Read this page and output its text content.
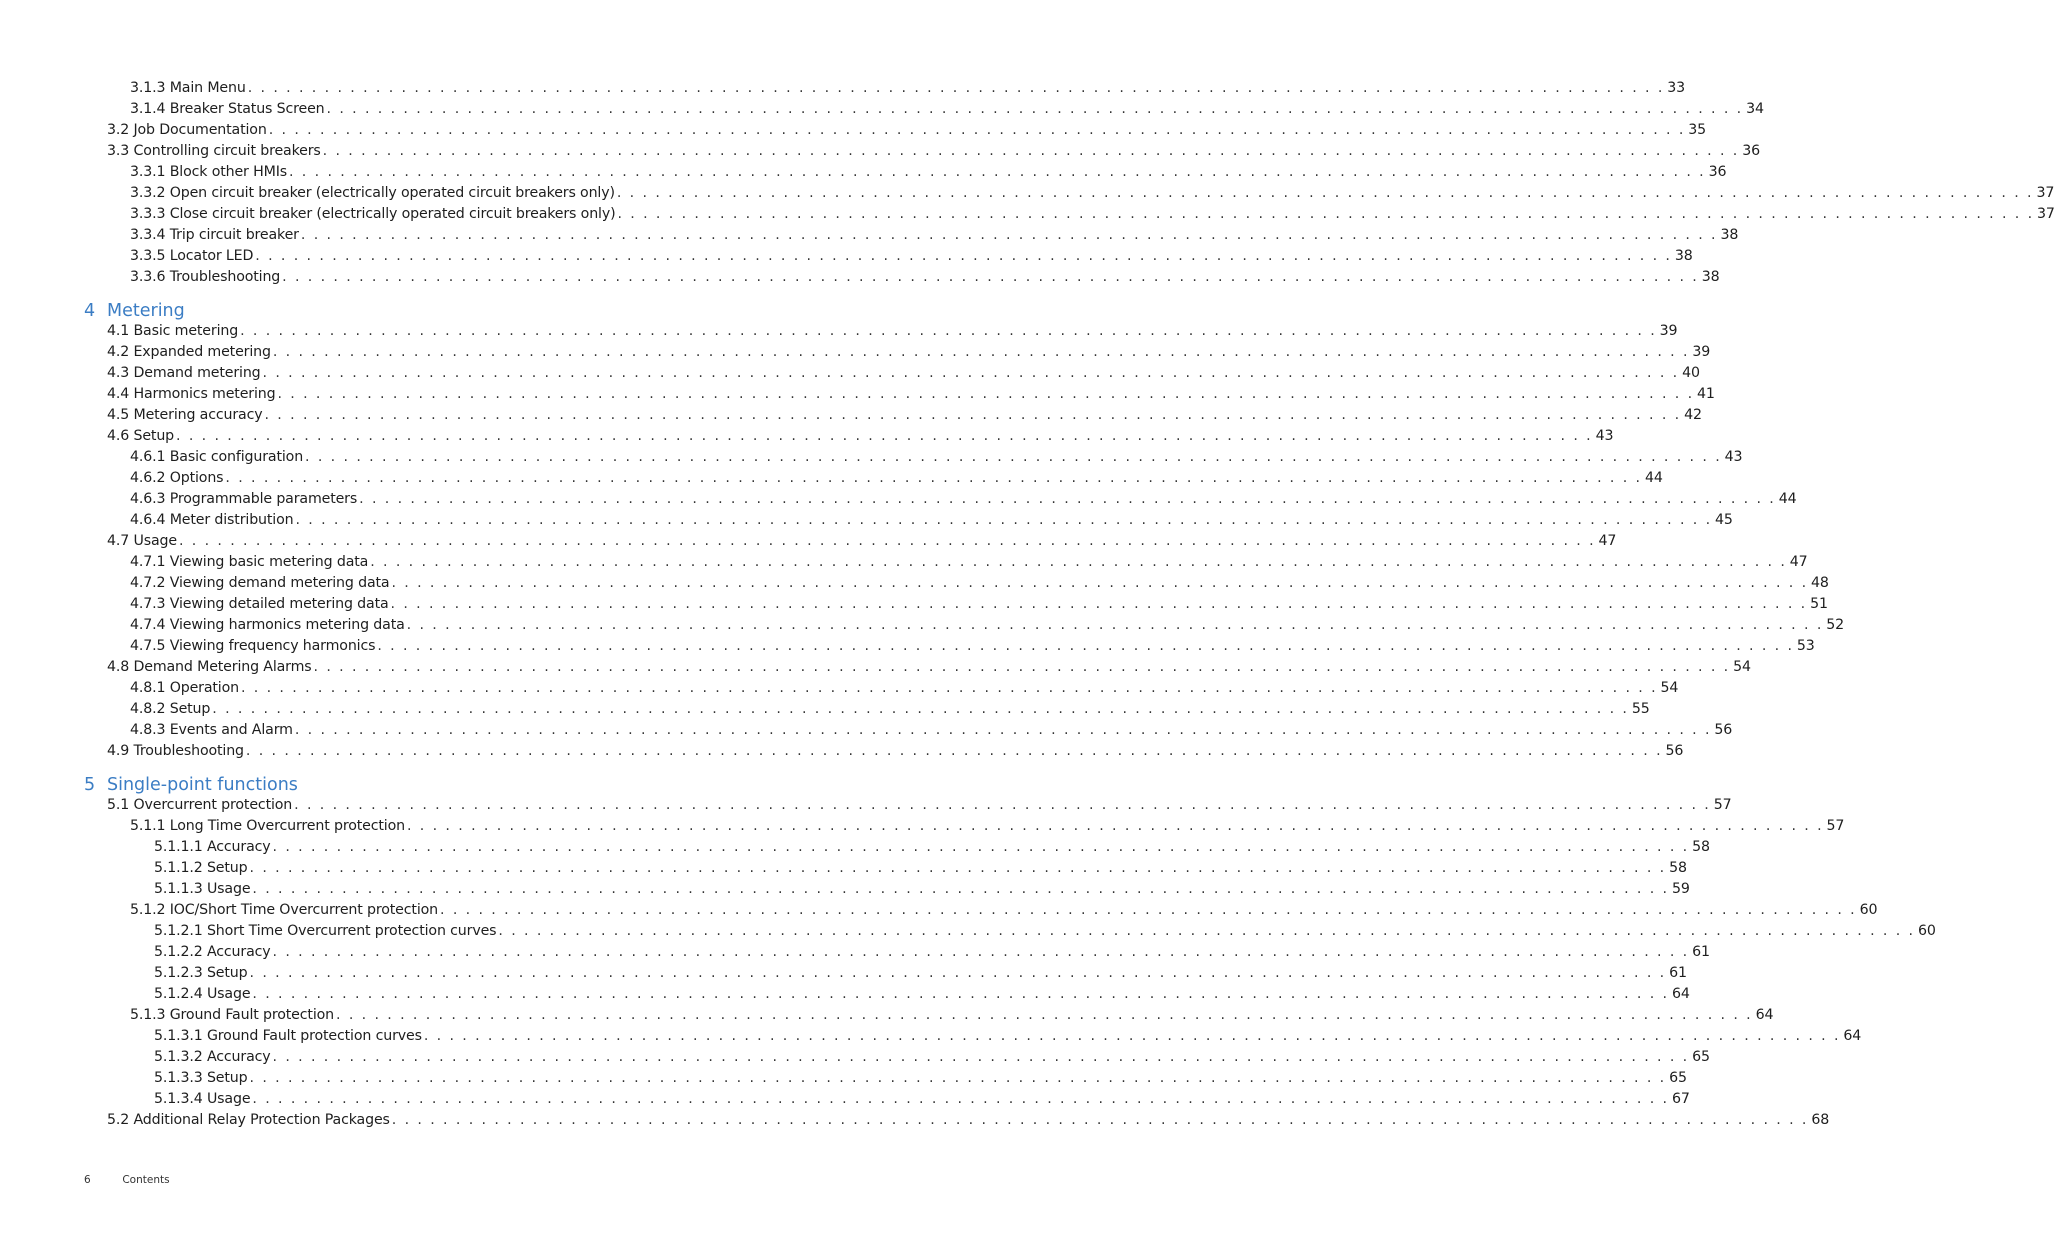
3.1.3 Main Menu . . . . . . . . . . . . . . . . . . . . . . . . . . . . . . . . . . . . . . . . . . . . . . . . . . . . . . . . . . . . . . . . . . . . . . . . . . . . . . . . . . . . . . . . . . . . . . . . . . . . . . . . . . . . . . . 33
3.1.4 Breaker Status Screen . . . . . . . . . . . . . . . . . . . . . . . . . . . . . . . . . . . . . . . . . . . . . . . . . . . . . . . . . . . . . . . . . . . . . . . . . . . . . . . . . . . . . . . . . . . . . . . . . . . . . . . . . . . . . . . 34
3.2 Job Documentation . . . . . . . . . . . . . . . . . . . . . . . . . . . . . . . . . . . . . . . . . . . . . . . . . . . . . . . . . . . . . . . . . . . . . . . . . . . . . . . . . . . . . . . . . . . . . . . . . . . . . . . . . . . . . . . 35
3.3 Controlling circuit breakers . . . . . . . . . . . . . . . . . . . . . . . . . . . . . . . . . . . . . . . . . . . . . . . . . . . . . . . . . . . . . . . . . . . . . . . . . . . . . . . . . . . . . . . . . . . . . . . . . . . . . . . . . . . . . . . 36
3.3.1 Block other HMIs . . . . . . . . . . . . . . . . . . . . . . . . . . . . . . . . . . . . . . . . . . . . . . . . . . . . . . . . . . . . . . . . . . . . . . . . . . . . . . . . . . . . . . . . . . . . . . . . . . . . . . . . . . . . . . . 36
3.3.2 Open circuit breaker (electrically operated circuit breakers only) . . . . . . . . . . . . . . . . . . . . . . . . . . . . . . . . . . . . . . . . . . . . . . . . . . . . . . . . . . . . . . . . . . . . . . . . . . . . . . . . . . . . . . . . . . . . . . . . . . . . . . . . . . . . . . . 37
3.3.3 Close circuit breaker (electrically operated circuit breakers only) . . . . . . . . . . . . . . . . . . . . . . . . . . . . . . . . . . . . . . . . . . . . . . . . . . . . . . . . . . . . . . . . . . . . . . . . . . . . . . . . . . . . . . . . . . . . . . . . . . . . . . . . . . . . . . . 37
3.3.4 Trip circuit breaker . . . . . . . . . . . . . . . . . . . . . . . . . . . . . . . . . . . . . . . . . . . . . . . . . . . . . . . . . . . . . . . . . . . . . . . . . . . . . . . . . . . . . . . . . . . . . . . . . . . . . . . . . . . . . . . 38
3.3.5 Locator LED . . . . . . . . . . . . . . . . . . . . . . . . . . . . . . . . . . . . . . . . . . . . . . . . . . . . . . . . . . . . . . . . . . . . . . . . . . . . . . . . . . . . . . . . . . . . . . . . . . . . . . . . . . . . . . . 38
3.3.6 Troubleshooting . . . . . . . . . . . . . . . . . . . . . . . . . . . . . . . . . . . . . . . . . . . . . . . . . . . . . . . . . . . . . . . . . . . . . . . . . . . . . . . . . . . . . . . . . . . . . . . . . . . . . . . . . . . . . . . 38
4 Metering
4.1 Basic metering . . . . . . . . . . . . . . . . . . . . . . . . . . . . . . . . . . . . . . . . . . . . . . . . . . . . . . . . . . . . . . . . . . . . . . . . . . . . . . . . . . . . . . . . . . . . . . . . . . . . . . . . . . . . . . . 39
4.2 Expanded metering . . . . . . . . . . . . . . . . . . . . . . . . . . . . . . . . . . . . . . . . . . . . . . . . . . . . . . . . . . . . . . . . . . . . . . . . . . . . . . . . . . . . . . . . . . . . . . . . . . . . . . . . . . . . . . . 39
4.3 Demand metering . . . . . . . . . . . . . . . . . . . . . . . . . . . . . . . . . . . . . . . . . . . . . . . . . . . . . . . . . . . . . . . . . . . . . . . . . . . . . . . . . . . . . . . . . . . . . . . . . . . . . . . . . . . . . . . 40
4.4 Harmonics metering . . . . . . . . . . . . . . . . . . . . . . . . . . . . . . . . . . . . . . . . . . . . . . . . . . . . . . . . . . . . . . . . . . . . . . . . . . . . . . . . . . . . . . . . . . . . . . . . . . . . . . . . . . . . . . . 41
4.5 Metering accuracy . . . . . . . . . . . . . . . . . . . . . . . . . . . . . . . . . . . . . . . . . . . . . . . . . . . . . . . . . . . . . . . . . . . . . . . . . . . . . . . . . . . . . . . . . . . . . . . . . . . . . . . . . . . . . . . 42
4.6 Setup . . . . . . . . . . . . . . . . . . . . . . . . . . . . . . . . . . . . . . . . . . . . . . . . . . . . . . . . . . . . . . . . . . . . . . . . . . . . . . . . . . . . . . . . . . . . . . . . . . . . . . . . . . . . . . . 43
4.6.1 Basic configuration . . . . . . . . . . . . . . . . . . . . . . . . . . . . . . . . . . . . . . . . . . . . . . . . . . . . . . . . . . . . . . . . . . . . . . . . . . . . . . . . . . . . . . . . . . . . . . . . . . . . . . . . . . . . . . . 43
4.6.2 Options . . . . . . . . . . . . . . . . . . . . . . . . . . . . . . . . . . . . . . . . . . . . . . . . . . . . . . . . . . . . . . . . . . . . . . . . . . . . . . . . . . . . . . . . . . . . . . . . . . . . . . . . . . . . . . . 44
4.6.3 Programmable parameters . . . . . . . . . . . . . . . . . . . . . . . . . . . . . . . . . . . . . . . . . . . . . . . . . . . . . . . . . . . . . . . . . . . . . . . . . . . . . . . . . . . . . . . . . . . . . . . . . . . . . . . . . . . . . . . 44
4.6.4 Meter distribution . . . . . . . . . . . . . . . . . . . . . . . . . . . . . . . . . . . . . . . . . . . . . . . . . . . . . . . . . . . . . . . . . . . . . . . . . . . . . . . . . . . . . . . . . . . . . . . . . . . . . . . . . . . . . . . 45
4.7 Usage . . . . . . . . . . . . . . . . . . . . . . . . . . . . . . . . . . . . . . . . . . . . . . . . . . . . . . . . . . . . . . . . . . . . . . . . . . . . . . . . . . . . . . . . . . . . . . . . . . . . . . . . . . . . . . . 47
4.7.1 Viewing basic metering data . . . . . . . . . . . . . . . . . . . . . . . . . . . . . . . . . . . . . . . . . . . . . . . . . . . . . . . . . . . . . . . . . . . . . . . . . . . . . . . . . . . . . . . . . . . . . . . . . . . . . . . . . . . . . . . 47
4.7.2 Viewing demand metering data . . . . . . . . . . . . . . . . . . . . . . . . . . . . . . . . . . . . . . . . . . . . . . . . . . . . . . . . . . . . . . . . . . . . . . . . . . . . . . . . . . . . . . . . . . . . . . . . . . . . . . . . . . . . . . . 48
4.7.3 Viewing detailed metering data . . . . . . . . . . . . . . . . . . . . . . . . . . . . . . . . . . . . . . . . . . . . . . . . . . . . . . . . . . . . . . . . . . . . . . . . . . . . . . . . . . . . . . . . . . . . . . . . . . . . . . . . . . . . . . . 51
4.7.4 Viewing harmonics metering data . . . . . . . . . . . . . . . . . . . . . . . . . . . . . . . . . . . . . . . . . . . . . . . . . . . . . . . . . . . . . . . . . . . . . . . . . . . . . . . . . . . . . . . . . . . . . . . . . . . . . . . . . . . . . . . 52
4.7.5 Viewing frequency harmonics . . . . . . . . . . . . . . . . . . . . . . . . . . . . . . . . . . . . . . . . . . . . . . . . . . . . . . . . . . . . . . . . . . . . . . . . . . . . . . . . . . . . . . . . . . . . . . . . . . . . . . . . . . . . . . . 53
4.8 Demand Metering Alarms . . . . . . . . . . . . . . . . . . . . . . . . . . . . . . . . . . . . . . . . . . . . . . . . . . . . . . . . . . . . . . . . . . . . . . . . . . . . . . . . . . . . . . . . . . . . . . . . . . . . . . . . . . . . . . . 54
4.8.1 Operation . . . . . . . . . . . . . . . . . . . . . . . . . . . . . . . . . . . . . . . . . . . . . . . . . . . . . . . . . . . . . . . . . . . . . . . . . . . . . . . . . . . . . . . . . . . . . . . . . . . . . . . . . . . . . . . 54
4.8.2 Setup . . . . . . . . . . . . . . . . . . . . . . . . . . . . . . . . . . . . . . . . . . . . . . . . . . . . . . . . . . . . . . . . . . . . . . . . . . . . . . . . . . . . . . . . . . . . . . . . . . . . . . . . . . . . . . . 55
4.8.3 Events and Alarm . . . . . . . . . . . . . . . . . . . . . . . . . . . . . . . . . . . . . . . . . . . . . . . . . . . . . . . . . . . . . . . . . . . . . . . . . . . . . . . . . . . . . . . . . . . . . . . . . . . . . . . . . . . . . . . 56
4.9 Troubleshooting . . . . . . . . . . . . . . . . . . . . . . . . . . . . . . . . . . . . . . . . . . . . . . . . . . . . . . . . . . . . . . . . . . . . . . . . . . . . . . . . . . . . . . . . . . . . . . . . . . . . . . . . . . . . . . . 56
5 Single-point functions
5.1 Overcurrent protection . . . . . . . . . . . . . . . . . . . . . . . . . . . . . . . . . . . . . . . . . . . . . . . . . . . . . . . . . . . . . . . . . . . . . . . . . . . . . . . . . . . . . . . . . . . . . . . . . . . . . . . . . . . . . . . 57
5.1.1 Long Time Overcurrent protection . . . . . . . . . . . . . . . . . . . . . . . . . . . . . . . . . . . . . . . . . . . . . . . . . . . . . . . . . . . . . . . . . . . . . . . . . . . . . . . . . . . . . . . . . . . . . . . . . . . . . . . . . . . . . . . 57
5.1.1.1 Accuracy . . . . . . . . . . . . . . . . . . . . . . . . . . . . . . . . . . . . . . . . . . . . . . . . . . . . . . . . . . . . . . . . . . . . . . . . . . . . . . . . . . . . . . . . . . . . . . . . . . . . . . . . . . . . . . . 58
5.1.1.2 Setup . . . . . . . . . . . . . . . . . . . . . . . . . . . . . . . . . . . . . . . . . . . . . . . . . . . . . . . . . . . . . . . . . . . . . . . . . . . . . . . . . . . . . . . . . . . . . . . . . . . . . . . . . . . . . . . 58
5.1.1.3 Usage . . . . . . . . . . . . . . . . . . . . . . . . . . . . . . . . . . . . . . . . . . . . . . . . . . . . . . . . . . . . . . . . . . . . . . . . . . . . . . . . . . . . . . . . . . . . . . . . . . . . . . . . . . . . . . . 59
5.1.2 IOC/Short Time Overcurrent protection . . . . . . . . . . . . . . . . . . . . . . . . . . . . . . . . . . . . . . . . . . . . . . . . . . . . . . . . . . . . . . . . . . . . . . . . . . . . . . . . . . . . . . . . . . . . . . . . . . . . . . . . . . . . . . . 60
5.1.2.1 Short Time Overcurrent protection curves . . . . . . . . . . . . . . . . . . . . . . . . . . . . . . . . . . . . . . . . . . . . . . . . . . . . . . . . . . . . . . . . . . . . . . . . . . . . . . . . . . . . . . . . . . . . . . . . . . . . . . . . . . . . . . . 60
5.1.2.2 Accuracy . . . . . . . . . . . . . . . . . . . . . . . . . . . . . . . . . . . . . . . . . . . . . . . . . . . . . . . . . . . . . . . . . . . . . . . . . . . . . . . . . . . . . . . . . . . . . . . . . . . . . . . . . . . . . . . 61
5.1.2.3 Setup . . . . . . . . . . . . . . . . . . . . . . . . . . . . . . . . . . . . . . . . . . . . . . . . . . . . . . . . . . . . . . . . . . . . . . . . . . . . . . . . . . . . . . . . . . . . . . . . . . . . . . . . . . . . . . . 61
5.1.2.4 Usage . . . . . . . . . . . . . . . . . . . . . . . . . . . . . . . . . . . . . . . . . . . . . . . . . . . . . . . . . . . . . . . . . . . . . . . . . . . . . . . . . . . . . . . . . . . . . . . . . . . . . . . . . . . . . . . 64
5.1.3 Ground Fault protection . . . . . . . . . . . . . . . . . . . . . . . . . . . . . . . . . . . . . . . . . . . . . . . . . . . . . . . . . . . . . . . . . . . . . . . . . . . . . . . . . . . . . . . . . . . . . . . . . . . . . . . . . . . . . . . 64
5.1.3.1 Ground Fault protection curves . . . . . . . . . . . . . . . . . . . . . . . . . . . . . . . . . . . . . . . . . . . . . . . . . . . . . . . . . . . . . . . . . . . . . . . . . . . . . . . . . . . . . . . . . . . . . . . . . . . . . . . . . . . . . . . 64
5.1.3.2 Accuracy . . . . . . . . . . . . . . . . . . . . . . . . . . . . . . . . . . . . . . . . . . . . . . . . . . . . . . . . . . . . . . . . . . . . . . . . . . . . . . . . . . . . . . . . . . . . . . . . . . . . . . . . . . . . . . . 65
5.1.3.3 Setup . . . . . . . . . . . . . . . . . . . . . . . . . . . . . . . . . . . . . . . . . . . . . . . . . . . . . . . . . . . . . . . . . . . . . . . . . . . . . . . . . . . . . . . . . . . . . . . . . . . . . . . . . . . . . . . 65
5.1.3.4 Usage . . . . . . . . . . . . . . . . . . . . . . . . . . . . . . . . . . . . . . . . . . . . . . . . . . . . . . . . . . . . . . . . . . . . . . . . . . . . . . . . . . . . . . . . . . . . . . . . . . . . . . . . . . . . . . . 67
5.2 Additional Relay Protection Packages . . . . . . . . . . . . . . . . . . . . . . . . . . . . . . . . . . . . . . . . . . . . . . . . . . . . . . . . . . . . . . . . . . . . . . . . . . . . . . . . . . . . . . . . . . . . . . . . . . . . . . . . . . . . . . . 68
6	Contents
